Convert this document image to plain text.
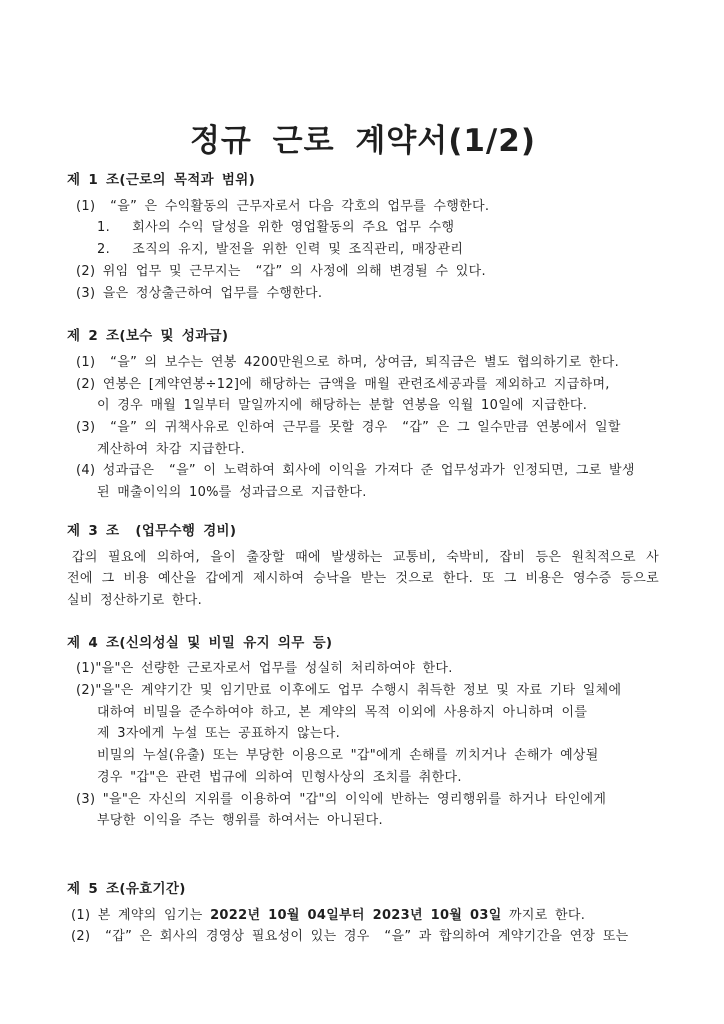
정규 근로 계약서(1/2)
제 1 조(근로의 목적과 범위)
(1)  “을” 은 수익활동의 근무자로서 다음 각호의 업무를 수행한다.
1.   회사의 수익 달성을 위한 영업활동의 주요 업무 수행
2.   조직의 유지, 발전을 위한 인력 및 조직관리, 매장관리
(2) 위임 업무 및 근무지는  “갑” 의 사정에 의해 변경될 수 있다.
(3) 을은 정상출근하여 업무를 수행한다.
제 2 조(보수 및 성과급)
(1)  “을” 의 보수는 연봉 4200만원으로 하며, 상여금, 퇴직금은 별도 협의하기로 한다.
(2) 연봉은 [계약연봉÷12]에 해당하는 금액을 매월 관련조세공과를 제외하고 지급하며,
이 경우 매월 1일부터 말일까지에 해당하는 분할 연봉을 익월 10일에 지급한다.
(3)  “을” 의 귀책사유로 인하여 근무를 못할 경우  “갑” 은 그 일수만큼 연봉에서 일할
계산하여 차감 지급한다.
(4) 성과급은  “을” 이 노력하여 회사에 이익을 가져다 준 업무성과가 인정되면, 그로 발생
된 매출이익의 10%를 성과급으로 지급한다.
제 3 조  (업무수행 경비)
갑의 필요에 의하여, 을이 출장할 때에 발생하는 교통비, 숙박비, 잡비 등은 원칙적으로 사
전에 그 비용 예산을 갑에게 제시하여 승낙을 받는 것으로 한다. 또 그 비용은 영수증 등으로
실비 정산하기로 한다.
제 4 조(신의성실 및 비밀 유지 의무 등)
(1)"을"은 선량한 근로자로서 업무를 성실히 처리하여야 한다.
(2)"을"은 계약기간 및 임기만료 이후에도 업무 수행시 취득한 정보 및 자료 기타 일체에
대하여 비밀을 준수하여야 하고, 본 계약의 목적 이외에 사용하지 아니하며 이를
제 3자에게 누설 또는 공표하지 않는다.
비밀의 누설(유출) 또는 부당한 이용으로 "갑"에게 손해를 끼치거나 손해가 예상될
경우 "갑"은 관련 법규에 의하여 민형사상의 조치를 취한다.
(3) "을"은 자신의 지위를 이용하여 "갑"의 이익에 반하는 영리행위를 하거나 타인에게
부당한 이익을 주는 행위를 하여서는 아니된다.
제 5 조(유효기간)
(1) 본 계약의 임기는 2022년 10월 04일부터 2023년 10월 03일 까지로 한다.
(2)  “갑” 은 회사의 경영상 필요성이 있는 경우  “을” 과 합의하여 계약기간을 연장 또는
